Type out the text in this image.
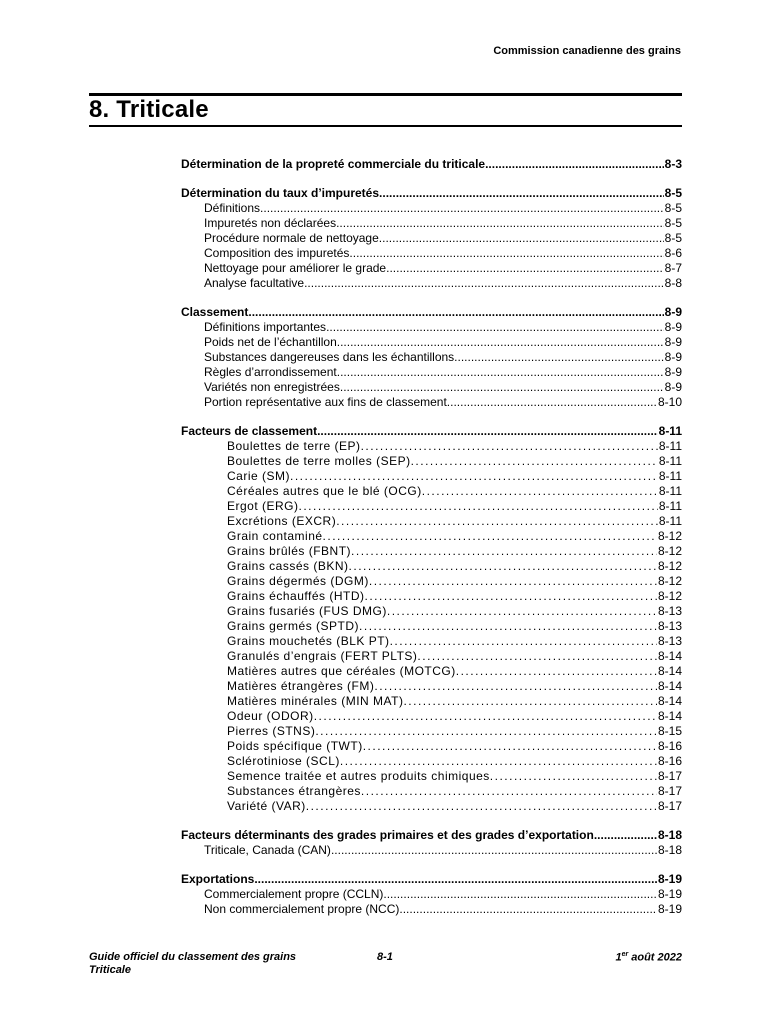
Commission canadienne des grains
8. Triticale
Détermination de la propreté commerciale du triticale .....	8-3
Détermination du taux d’impuretés .....	8-5
Définitions .....	8-5
Impuretés non déclarées .....	8-5
Procédure normale de nettoyage .....	8-5
Composition des impuretés .....	8-6
Nettoyage pour améliorer le grade .....	8-7
Analyse facultative .....	8-8
Classement .....	8-9
Définitions importantes .....	8-9
Poids net de l’échantillon .....	8-9
Substances dangereuses dans les échantillons .....	8-9
Règles d’arrondissement .....	8-9
Variétés non enregistrées .....	8-9
Portion représentative aux fins de classement .....	8-10
Facteurs de classement .....	8-11
Boulettes de terre (EP) .....	8-11
Boulettes de terre molles (SEP) .....	8-11
Carie (SM) .....	8-11
Céréales autres que le blé (OCG) .....	8-11
Ergot (ERG) .....	8-11
Excrétions (EXCR) .....	8-11
Grain contaminé .....	8-12
Grains brûlés (FBNT) .....	8-12
Grains cassés (BKN) .....	8-12
Grains dégermés (DGM) .....	8-12
Grains échauffés (HTD) .....	8-12
Grains fusariés (FUS DMG) .....	8-13
Grains germés (SPTD) .....	8-13
Grains mouchetés (BLK PT) .....	8-13
Granulés d’engrais (FERT PLTS) .....	8-14
Matières autres que céréales (MOTCG) .....	8-14
Matières étrangères (FM) .....	8-14
Matières minérales (MIN MAT) .....	8-14
Odeur (ODOR) .....	8-14
Pierres (STNS) .....	8-15
Poids spécifique (TWT) .....	8-16
Sclérotiniose (SCL) .....	8-16
Semence traitée et autres produits chimiques .....	8-17
Substances étrangères .....	8-17
Variété (VAR) .....	8-17
Facteurs déterminants des grades primaires et des grades d’exportation .....	8-18
Triticale, Canada (CAN) .....	8-18
Exportations .....	8-19
Commercialement propre (CCLN) .....	8-19
Non commercialement propre (NCC) .....	8-19
Guide officiel du classement des grains
Triticale
8-1	1er août 2022
